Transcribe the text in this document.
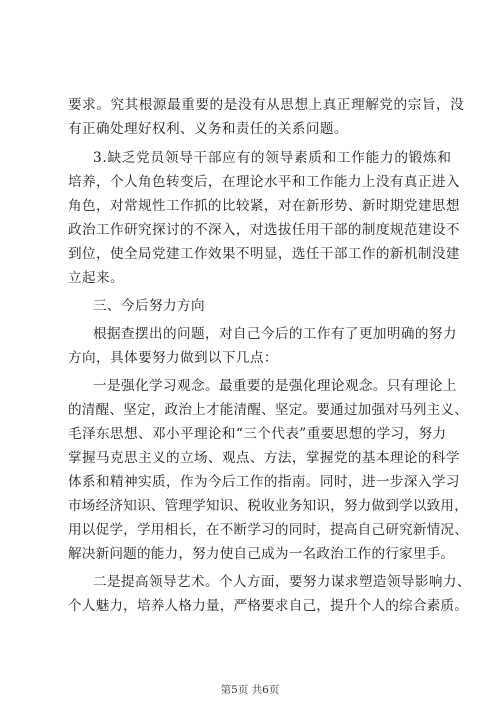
要求。究其根源最重要的是没有从思想上真正理解党的宗旨，没
有正确处理好权利、义务和责任的关系问题。
3.缺乏党员领导干部应有的领导素质和工作能力的锻炼和
培养，个人角色转变后，在理论水平和工作能力上没有真正进入
角色，对常规性工作抓的比较紧，对在新形势、新时期党建思想
政治工作研究探讨的不深入，对选拔任用干部的制度规范建设不
到位，使全局党建工作效果不明显，选任干部工作的新机制没建
立起来。
三、今后努力方向
根据查摆出的问题，对自己今后的工作有了更加明确的努力
方向，具体要努力做到以下几点：
一是强化学习观念。最重要的是强化理论观念。只有理论上
的清醒、坚定，政治上才能清醒、坚定。要通过加强对马列主义、
毛泽东思想、邓小平理论和“三个代表”重要思想的学习，努力
掌握马克思主义的立场、观点、方法，掌握党的基本理论的科学
体系和精神实质，作为今后工作的指南。同时，进一步深入学习
市场经济知识、管理学知识、税收业务知识，努力做到学以致用，
用以促学，学用相长，在不断学习的同时，提高自己研究新情况、
解决新问题的能力，努力使自己成为一名政治工作的行家里手。
二是提高领导艺术。个人方面，要努力谋求塑造领导影响力、
个人魅力，培养人格力量，严格要求自己，提升个人的综合素质。
第5页 共6页
